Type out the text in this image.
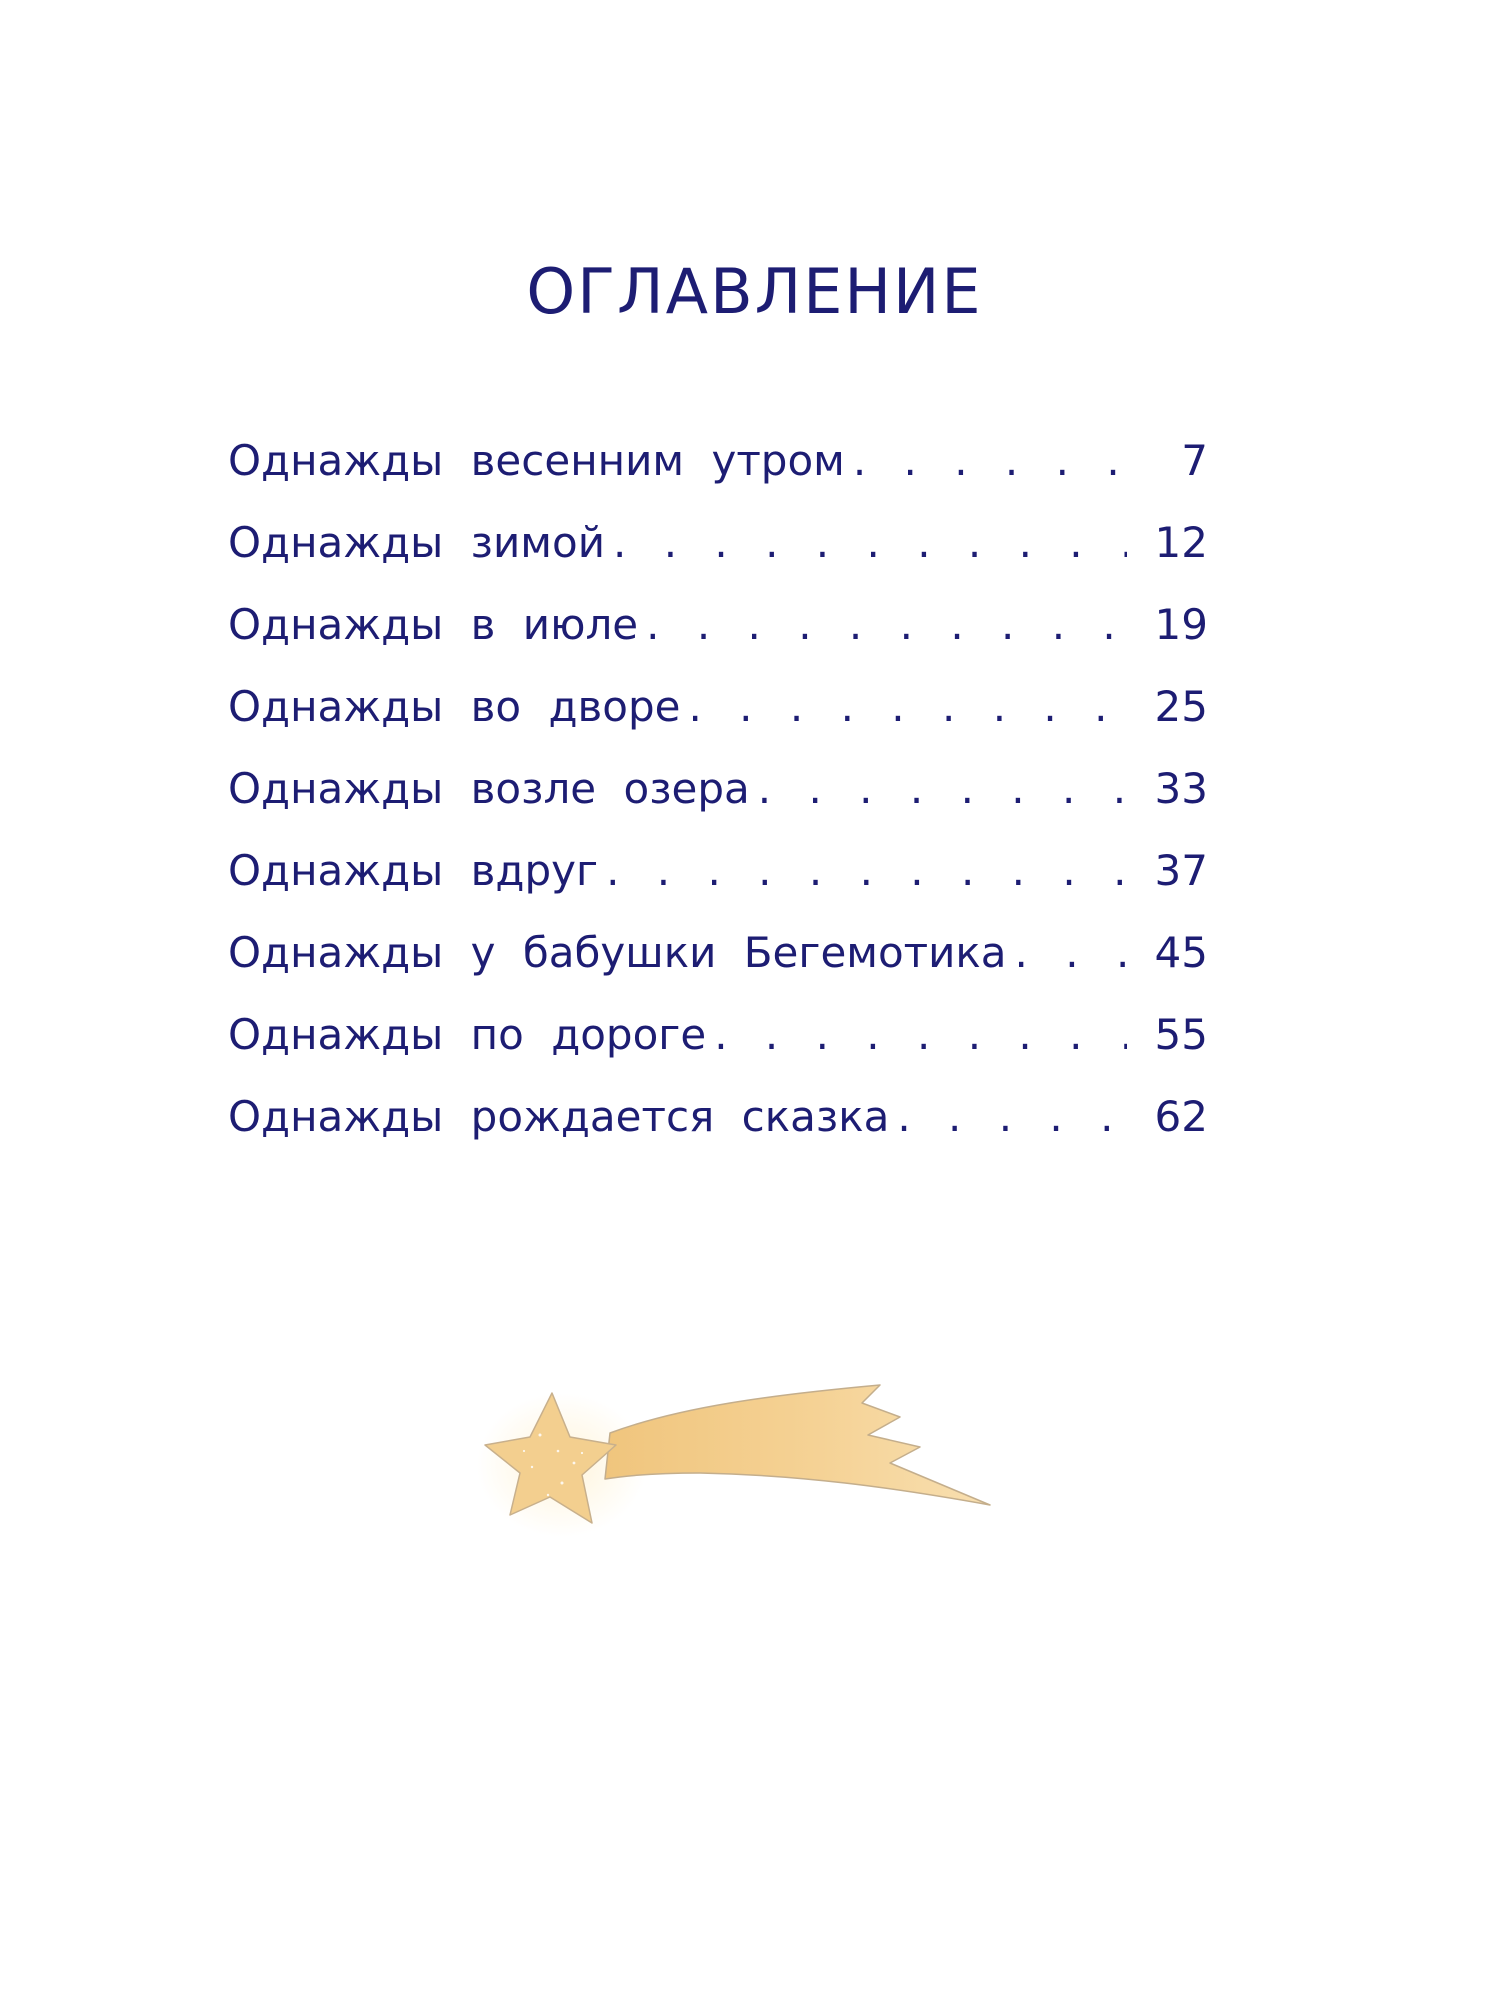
ОГЛАВЛЕНИЕ
Однажды весенним утром . . .	7
Однажды зимой . . .	12
Однажды в июле . . .	19
Однажды во дворе . . .	25
Однажды возле озера . . .	33
Однажды вдруг . . .	37
Однажды у бабушки Бегемотика . . .	45
Однажды по дороге . . .	55
Однажды рождается сказка . . .	62
